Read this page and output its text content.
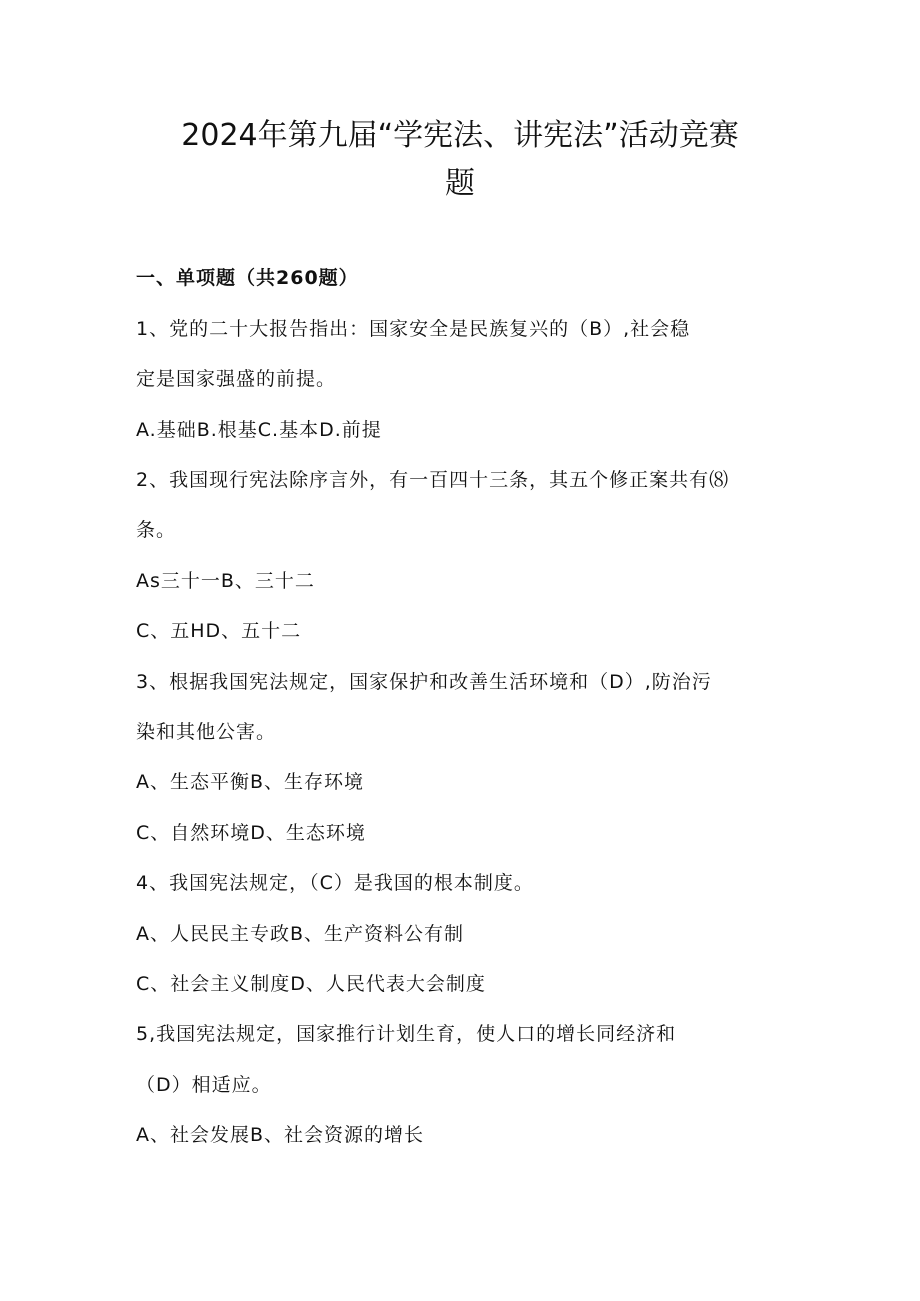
2024年第九届“学宪法、讲宪法”活动竞赛
题
一、单项题（共260题）
1、党的二十大报告指出：国家安全是民族复兴的（B）,社会稳
定是国家强盛的前提。
A.基础B.根基C.基本D.前提
2、我国现行宪法除序言外，有一百四十三条，其五个修正案共有⑻
条。
As三十一B、三十二
C、五HD、五十二
3、根据我国宪法规定，国家保护和改善生活环境和（D）,防治污
染和其他公害。
A、生态平衡B、生存环境
C、自然环境D、生态环境
4、我国宪法规定，（C）是我国的根本制度。
A、人民民主专政B、生产资料公有制
C、社会主义制度D、人民代表大会制度
5,我国宪法规定，国家推行计划生育，使人口的增长同经济和
（D）相适应。
A、社会发展B、社会资源的增长
